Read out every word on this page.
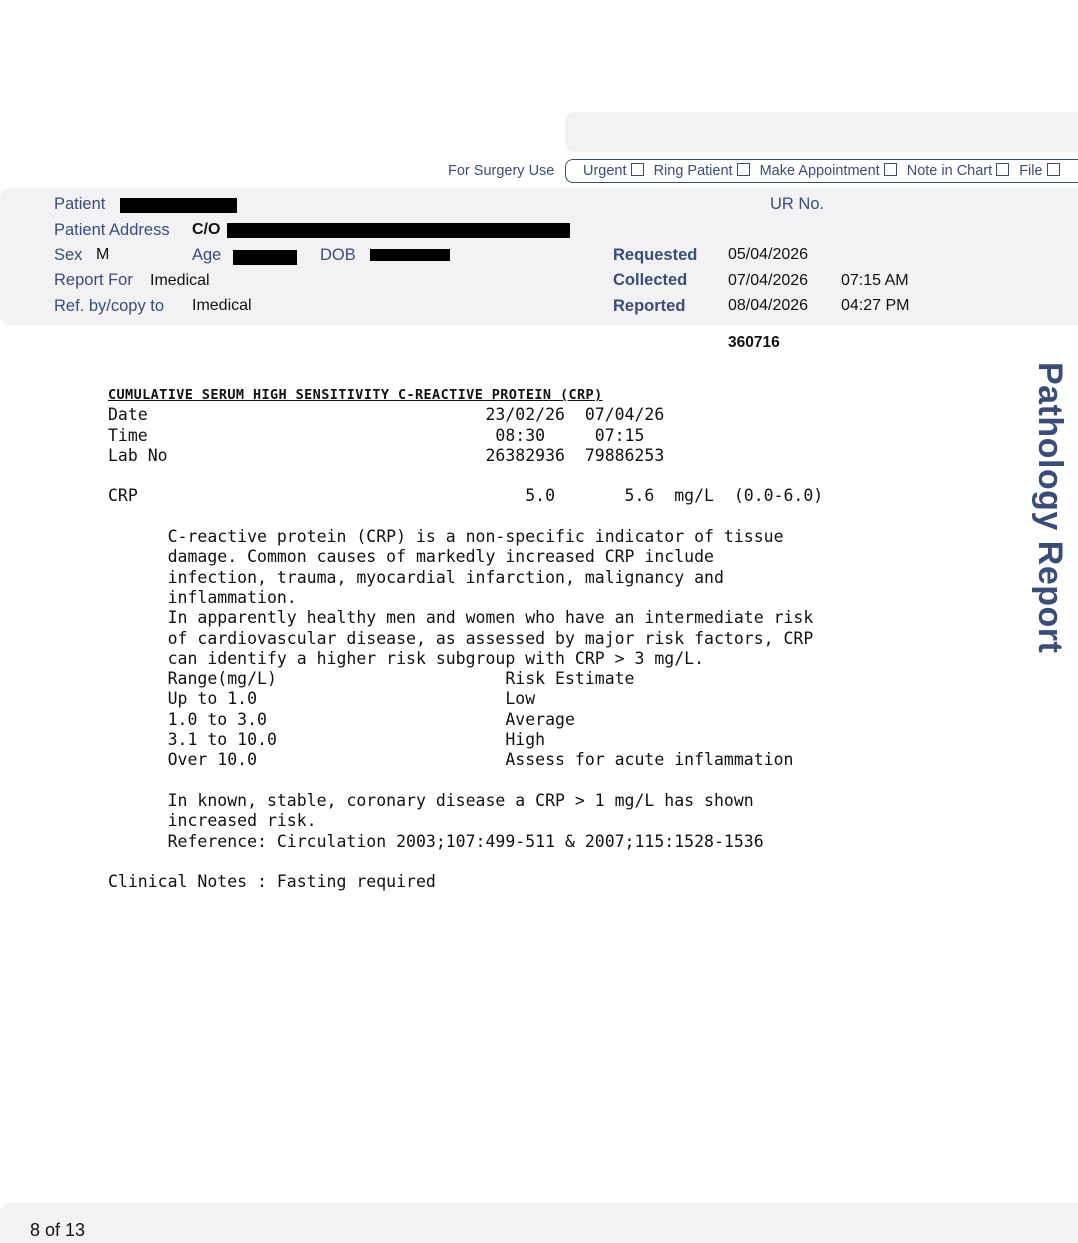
For Surgery Use	Urgent Ring Patient Make Appointment Note in Chart File
Patient
Patient Address C/O
Sex M	Age	DOB
Report For Imedical
Ref. by/copy to Imedical
UR No.
Requested 05/04/2026
Collected	07/04/2026 07:15 AM
Reported	08/04/2026 04:27 PM
360716
Pathology Report
CUMULATIVE SERUM HIGH SENSITIVITY C-REACTIVE PROTEIN (CRP)
Date                                  23/02/26  07/04/26
Time                                   08:30     07:15
Lab No                                26382936  79886253

CRP                                       5.0       5.6  mg/L  (0.0-6.0)

C-reactive protein (CRP) is a non-specific indicator of tissue
damage. Common causes of markedly increased CRP include
infection, trauma, myocardial infarction, malignancy and
inflammation.
In apparently healthy men and women who have an intermediate risk
of cardiovascular disease, as assessed by major risk factors, CRP
can identify a higher risk subgroup with CRP > 3 mg/L.
Range(mg/L)                       Risk Estimate
Up to 1.0                         Low
1.0 to 3.0                        Average
3.1 to 10.0                       High
Over 10.0                         Assess for acute inflammation

In known, stable, coronary disease a CRP > 1 mg/L has shown
increased risk.
Reference: Circulation 2003;107:499-511 & 2007;115:1528-1536

Clinical Notes : Fasting required
8 of 13
